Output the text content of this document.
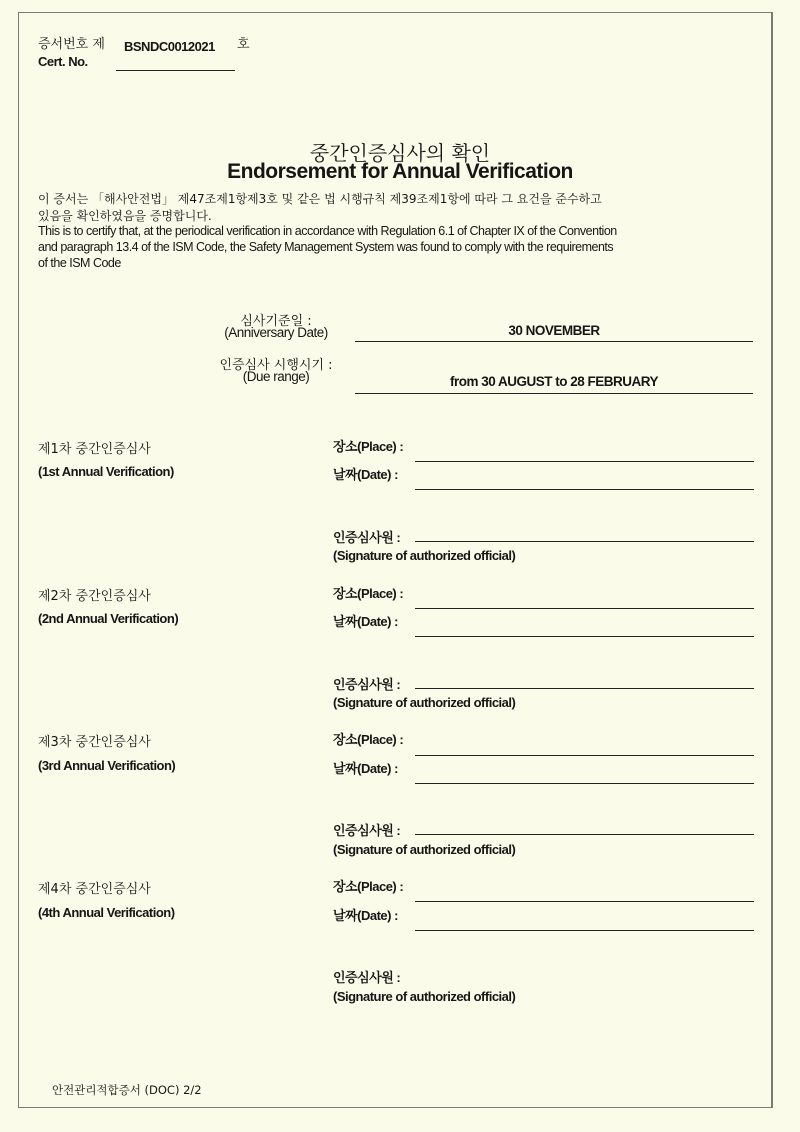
증서번호 제
Cert. No.
BSNDC0012021 호
중간인증심사의 확인
Endorsement for Annual Verification
이 증서는 「해사안전법」 제47조제1항제3호 및 같은 법 시행규칙 제39조제1항에 따라 그 요건을 준수하고
있음을 확인하였음을 증명합니다.
This is to certify that, at the periodical verification in accordance with Regulation 6.1 of Chapter IX of the Convention
and paragraph 13.4 of the ISM Code, the Safety Management System was found to comply with the requirements
of the ISM Code
심사기준일 :
(Anniversary Date)	30 NOVEMBER
인증심사 시행시기 :
(Due range)	from 30 AUGUST to 28 FEBRUARY
제1차 중간인증심사
(1st Annual Verification)
장소(Place) :
날짜(Date) :
인증심사원 :
(Signature of authorized official)
제2차 중간인증심사
(2nd Annual Verification)
장소(Place) :
날짜(Date) :
인증심사원 :
(Signature of authorized official)
제3차 중간인증심사
(3rd Annual Verification)
장소(Place) :
날짜(Date) :
인증심사원 :
(Signature of authorized official)
제4차 중간인증심사
(4th Annual Verification)
장소(Place) :
날짜(Date) :
인증심사원 :
(Signature of authorized official)
안전관리적합증서 (DOC) 2/2
